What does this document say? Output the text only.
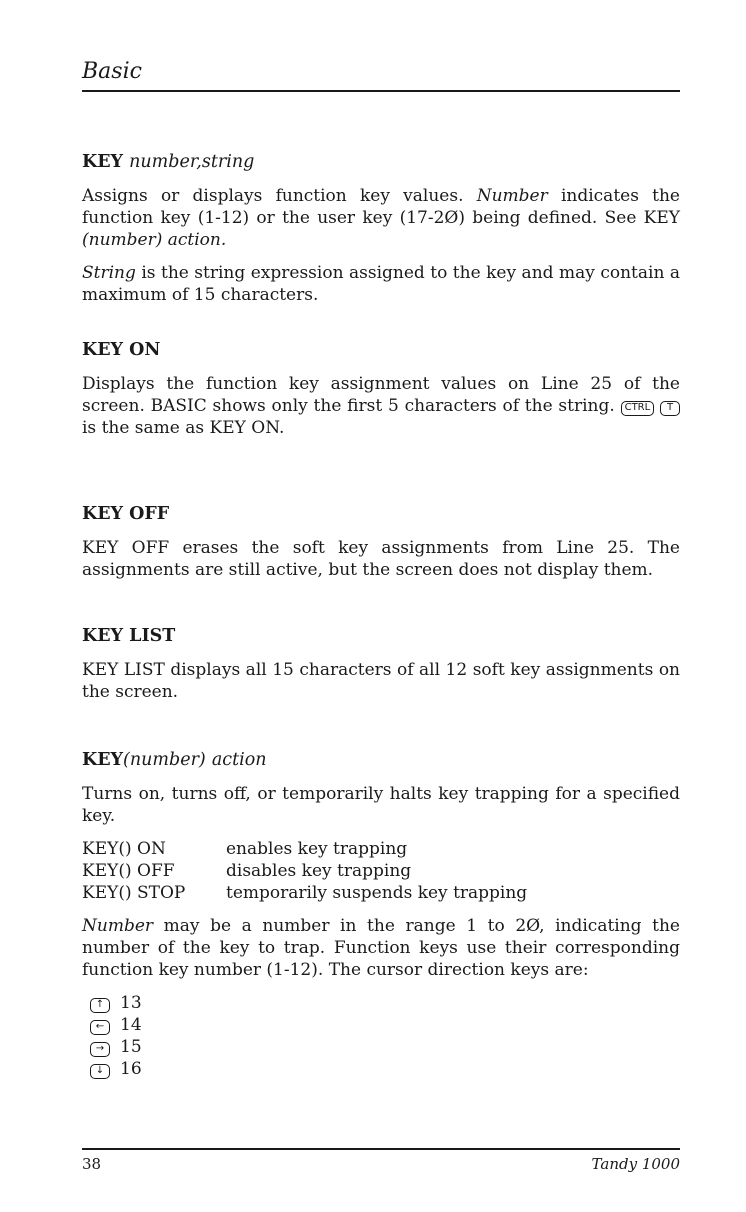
Basic

KEY number,string

Assigns or displays function key values. Number indicates the function key (1-12) or the user key (17-2Ø) being defined. See KEY (number) action.

String is the string expression assigned to the key and may contain a maximum of 15 characters.

KEY ON

Displays the function key assignment values on Line 25 of the screen. BASIC shows only the first 5 characters of the string. CTRL T is the same as KEY ON.

KEY OFF

KEY OFF erases the soft key assignments from Line 25. The assignments are still active, but the screen does not display them.

KEY LIST

KEY LIST displays all 15 characters of all 12 soft key assignments on the screen.

KEY(number) action

Turns on, turns off, or temporarily halts key trapping for a specified key.

KEY() ON	enables key trapping
KEY() OFF	disables key trapping
KEY() STOP	temporarily suspends key trapping

Number may be a number in the range 1 to 2Ø, indicating the number of the key to trap. Function keys use their corresponding function key number (1-12). The cursor direction keys are:

↑ 13
← 14
→ 15
↓ 16
38	Tandy 1000
